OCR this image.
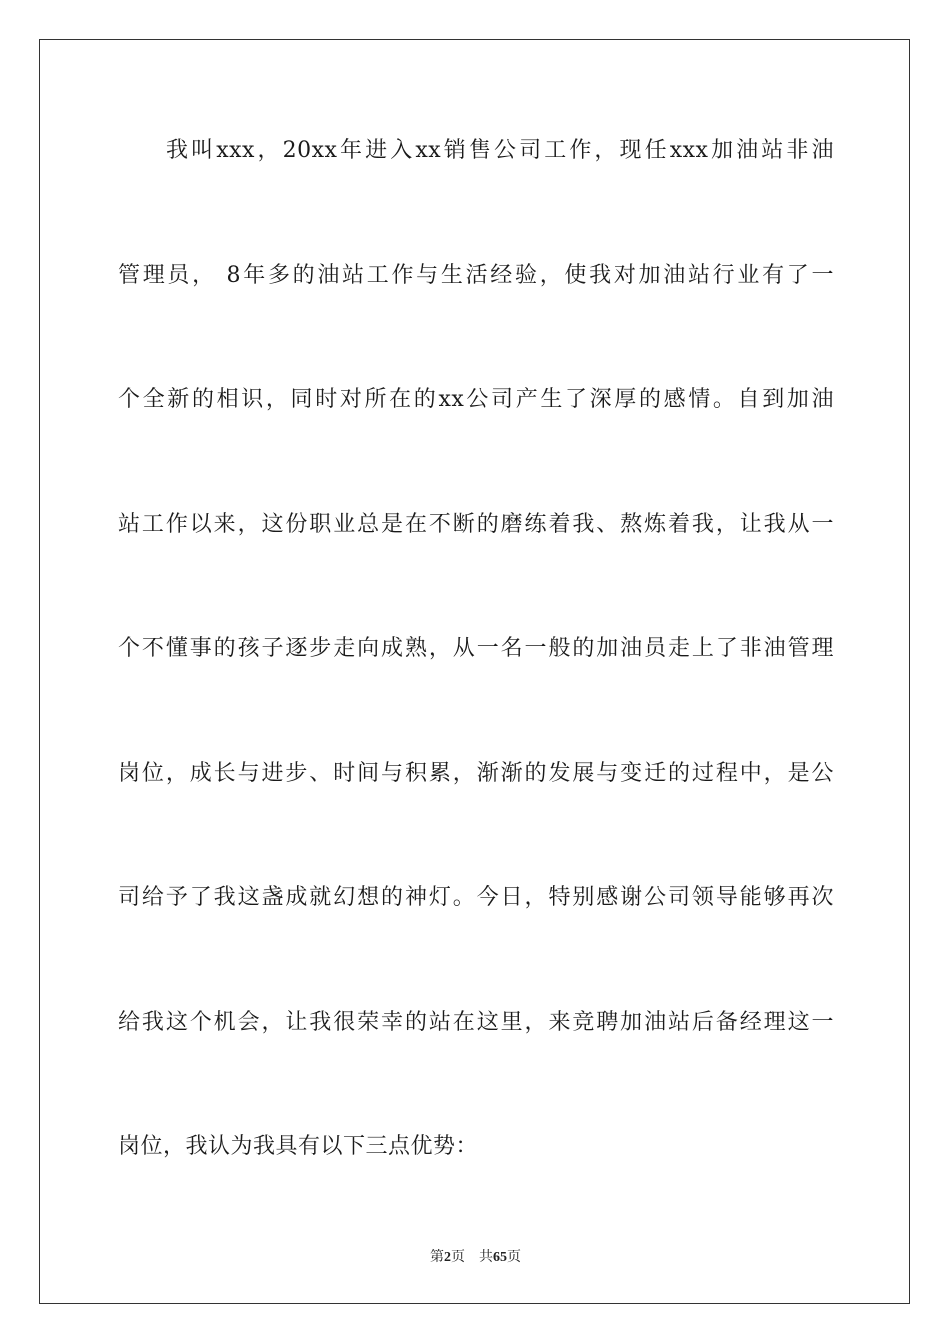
我叫xxx，20xx年进入xx销售公司工作，现任xxx加油站非油
管理员， 8年多的油站工作与生活经验，使我对加油站行业有了一
个全新的相识，同时对所在的xx公司产生了深厚的感情。自到加油
站工作以来，这份职业总是在不断的磨练着我、熬炼着我，让我从一
个不懂事的孩子逐步走向成熟，从一名一般的加油员走上了非油管理
岗位，成长与进步、时间与积累，渐渐的发展与变迁的过程中，是公
司给予了我这盏成就幻想的神灯。今日，特别感谢公司领导能够再次
给我这个机会，让我很荣幸的站在这里，来竞聘加油站后备经理这一
岗位，我认为我具有以下三点优势：
第2页 共65页
